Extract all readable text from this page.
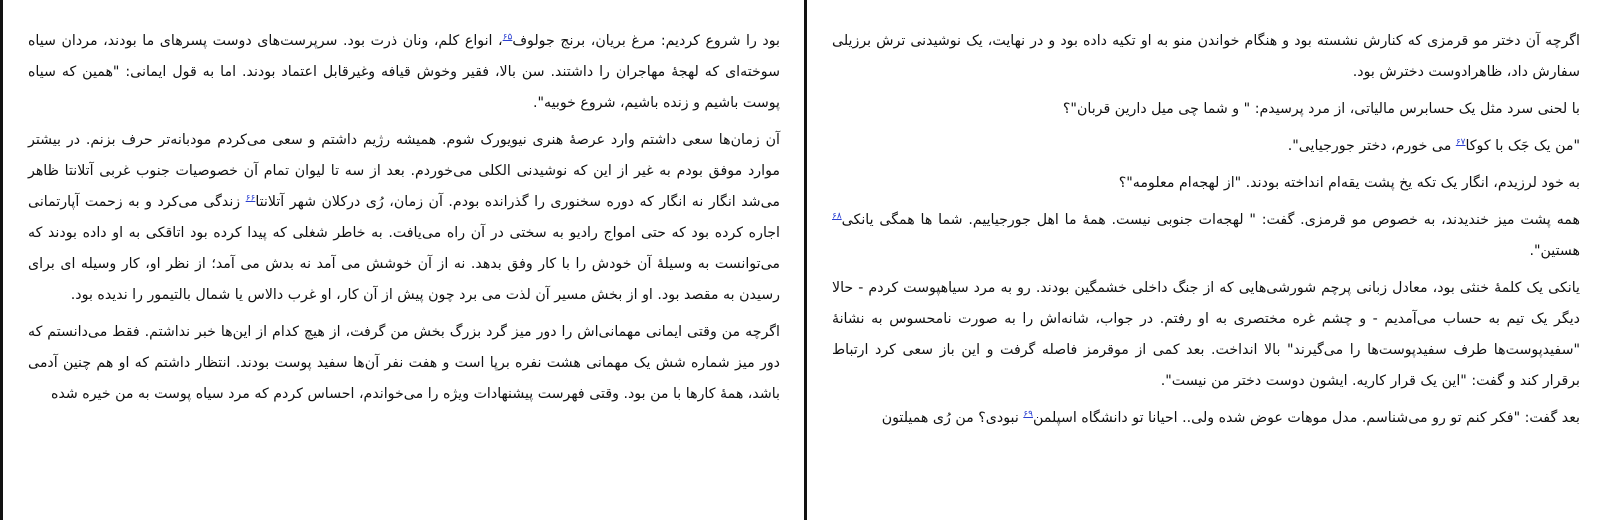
بود را شروع کردیم: مرغ بریان، برنج جولوف$^{۶۵}$، انواع کلم، ونان ذرت بود. سرپرست‌های دوست پسرهای ما بودند، مردان سیاه سوخته‌ای که لهجهٔ مهاجران را داشتند. سن بالا، فقیر وخوش قیافه وغیرقابل اعتماد بودند. اما به قول ایمانی: "همین که سیاه پوست باشیم و زنده باشیم، شروع خوبیه".

آن زمان‌ها سعی داشتم وارد عرصهٔ هنری نیویورک شوم. همیشه رژیم داشتم و سعی می‌کردم مودبانه‌تر حرف بزنم. در بیشتر موارد موفق بودم به غیر از این که نوشیدنی الکلی می‌خوردم. بعد از سه تا لیوان تمام آن خصوصیات جنوب غربی آتلانتا ظاهر می‌شد انگار نه انگار که دوره سخنوری را گذرانده بودم. آن زمان، رُی درکلان شهر آتلانتا$^{۶۶}$ زندگی می‌کرد و به زحمت آپارتمانی اجاره کرده بود که حتی امواج رادیو به سختی در آن راه می‌یافت. به خاطر شغلی که پیدا کرده بود اتاقکی به او داده بودند که می‌توانست به وسیلهٔ آن خودش را با کار وفق بدهد. نه از آن خوشش می آمد نه بدش می آمد؛ از نظر او، کار وسیله ای برای رسیدن به مقصد بود. او از بخش مسیر آن لذت می برد چون پیش از آن کار، او غرب دالاس یا شمال بالتیمور را ندیده بود.

اگرچه من وقتی ایمانی مهمانی‌اش را دور میز گرد بزرگ بخش من گرفت، از هیچ کدام از این‌ها خبر نداشتم. فقط می‌دانستم که دور میز شماره شش یک مهمانی هشت نفره برپا است و هفت نفر آن‌ها سفید پوست بودند. انتظار داشتم که او هم چنین آدمی باشد، همهٔ کارها با من بود. وقتی فهرست پیشنهادات ویژه را می‌خواندم، احساس کردم که مرد سیاه پوست به من خیره شده

اگرچه آن دختر مو قرمزی که کنارش نشسته بود و هنگام خواندن منو به او تکیه داده بود و در نهایت، یک نوشیدنی ترش برزیلی سفارش داد، ظاهرادوست دخترش بود.

با لحنی سرد مثل یک حسابرس مالیاتی، از مرد پرسیدم: " و شما چی میل دارین قربان"؟

"من یک جَک با کوکا$^{۶۷}$ می خورم، دختر جورجیایی".

به خود لرزیدم، انگار یک تکه یخ پشت یقه‌ام انداخته بودند. "از لهجه‌ام معلومه"؟

همه پشت میز خندیدند، به خصوص مو قرمزی. گفت: " لهجه‌ات جنوبی نیست. همهٔ ما اهل جورجیاییم. شما ها همگی یانکی$^{۶۸}$ هستین".

یانکی یک کلمهٔ خنثی بود، معادل زبانی پرچم شورشی‌هایی که از جنگ داخلی خشمگین بودند. رو به مرد سیاهپوست کردم - حالا دیگر یک تیم به حساب می‌آمدیم - و چشم غره مختصری به او رفتم. در جواب، شانه‌اش را به صورت نامحسوس به نشانهٔ "سفیدپوست‌ها طرف سفیدپوست‌ها را می‌گیرند" بالا انداخت. بعد کمی از موقرمز فاصله گرفت و این باز سعی کرد ارتباط برقرار کند و گفت: "این یک قرار کاریه. ایشون دوست دختر من نیست".

بعد گفت: "فکر کنم تو رو می‌شناسم. مدل موهات عوض شده ولی.. احیانا تو دانشگاه اسپلمن$^{۶۹}$ نبودی؟ من رُی همیلتون
